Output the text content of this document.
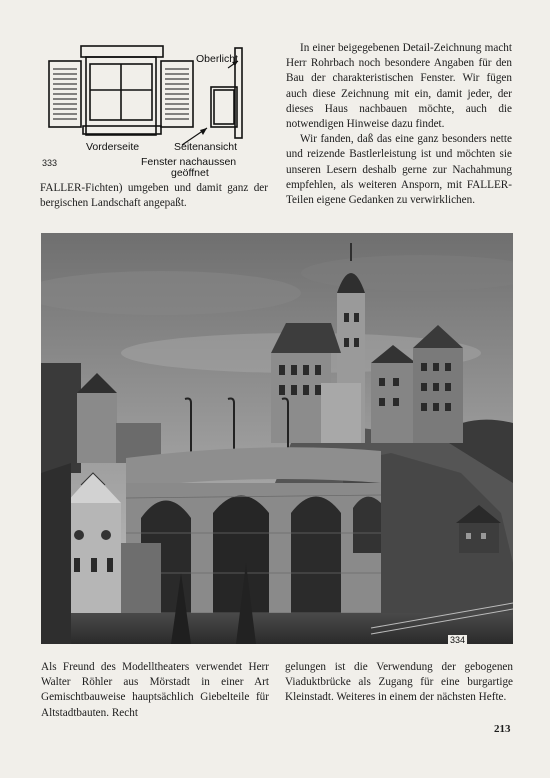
Oberlicht
Vorderseite	Seitenansicht
Fenster nachaussen
geöffnet
333

In einer beigegebenen Detail-Zeichnung macht Herr Rohrbach noch besondere Angaben für den Bau der charakteristischen Fenster. Wir fügen auch diese Zeichnung mit ein, damit jeder, der dieses Haus nachbauen möchte, auch die notwendigen Hinweise dazu findet.

Wir fanden, daß das eine ganz besonders nette und reizende Bastlerleistung ist und möchten sie unseren Lesern deshalb gerne zur Nachahmung empfehlen, als weiteren Ansporn, mit FALLER-Teilen eigene Gedanken zu verwirklichen.

FALLER-Fichten) umgeben und damit ganz der bergischen Landschaft angepaßt.

334

Als Freund des Modelltheaters verwendet Herr Walter Röhler aus Mörstadt in einer Art Gemischtbauweise hauptsächlich Giebelteile für Altstadtbauten. Recht

gelungen ist die Verwendung der gebogenen Viaduktbrücke als Zugang für eine burgartige Kleinstadt. Weiteres in einem der nächsten Hefte.

213
